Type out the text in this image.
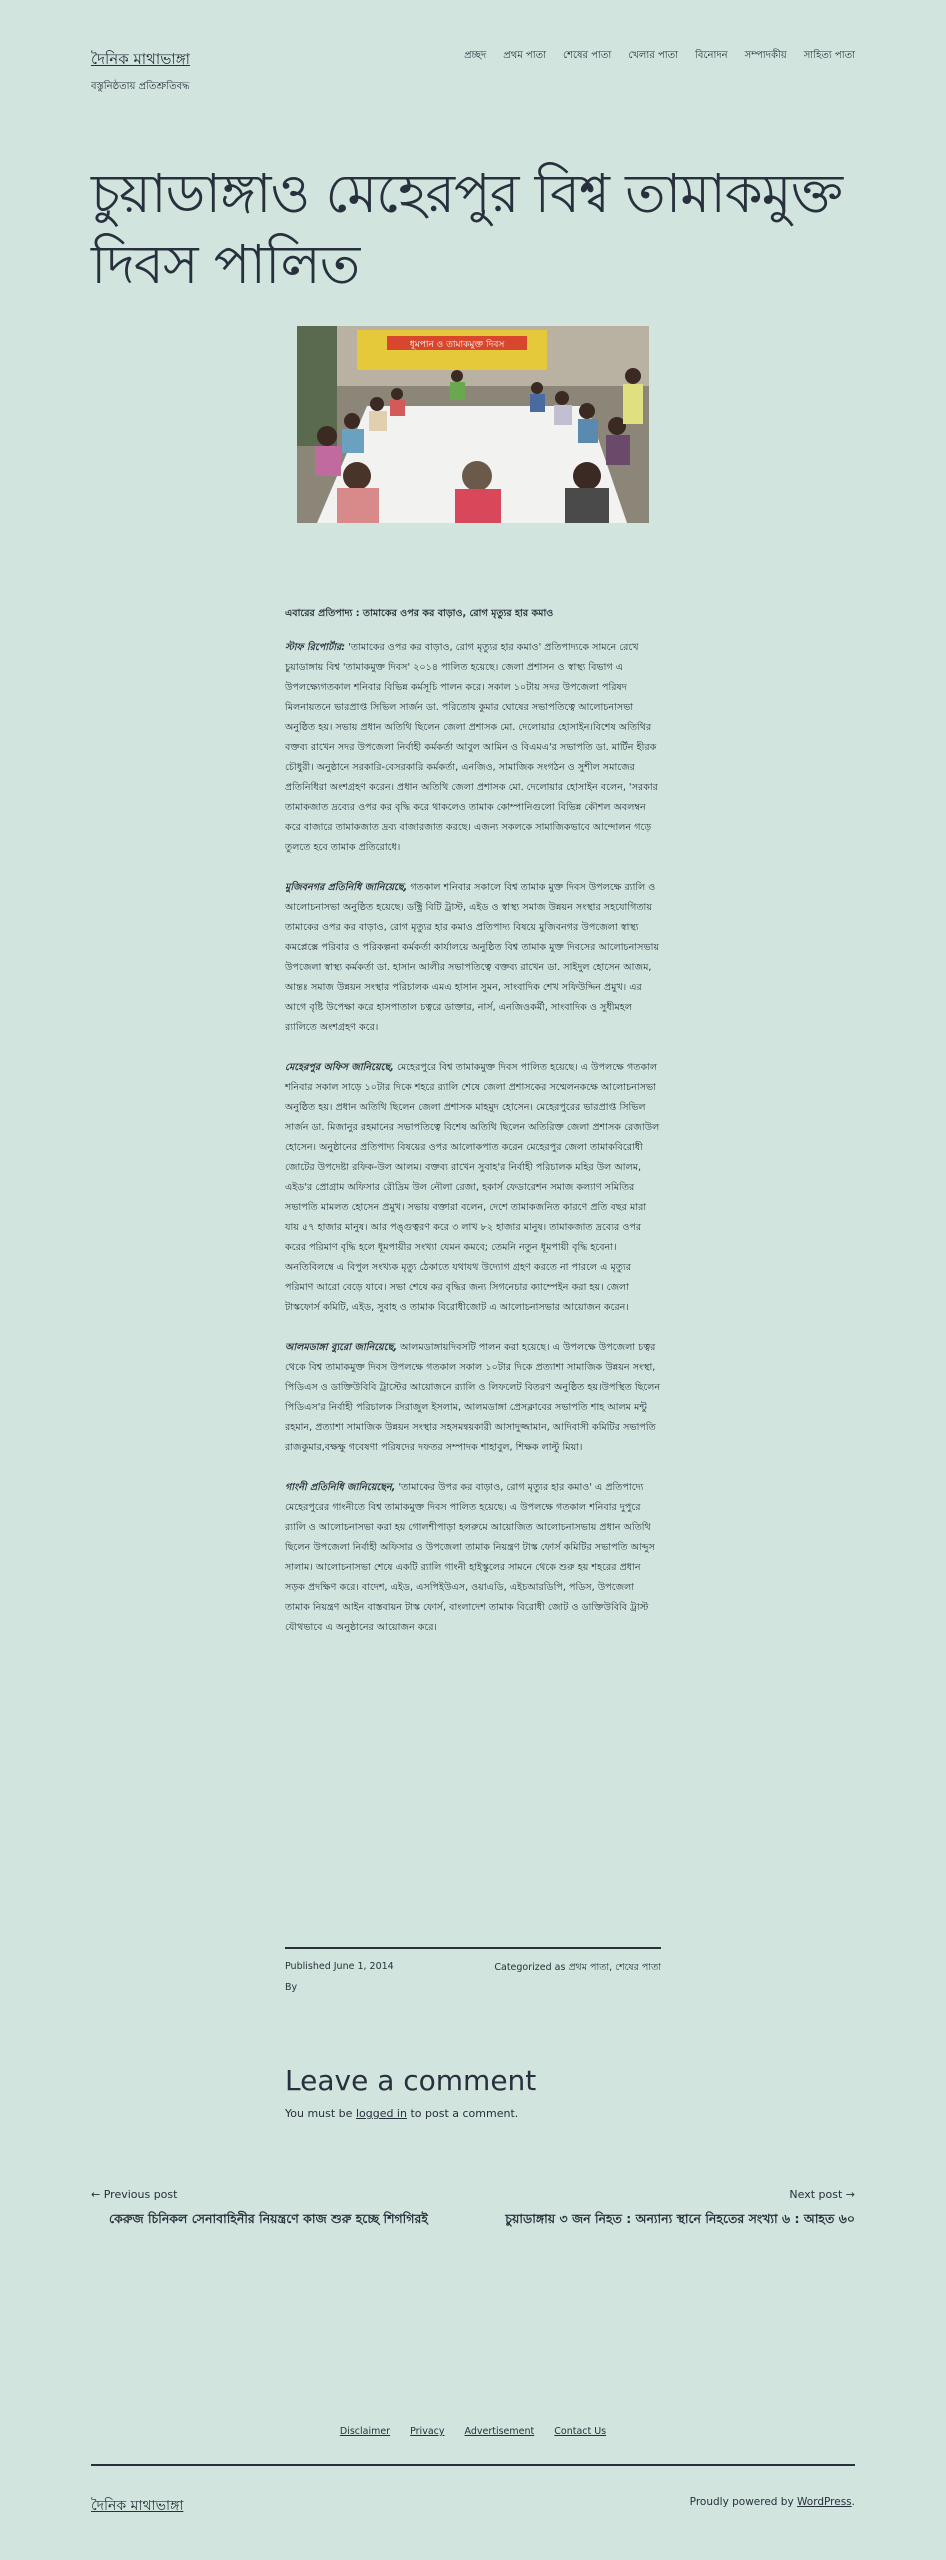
দৈনিক মাথাভাঙ্গা
বস্তুনিষ্ঠতায় প্রতিশ্রুতিবদ্ধ
প্রচ্ছদ প্রথম পাতা শেষের পাতা খেলার পাতা বিনোদন সম্পাদকীয় সাহিত্য পাতা
চুয়াডাঙ্গাও মেহেরপুর বিশ্ব তামাকমুক্ত দিবস পালিত
ধূমপান ও তামাকমুক্ত দিবস

এবারের প্রতিপাদ্য : তামাকের ওপর কর বাড়াও, রোগ মৃত্যুর হার কমাও

স্টাফ রিপোর্টার: 'তামাকের ওপর কর বাড়াও, রোগ মৃত্যুর হার কমাও' প্রতিপাদ্যকে সামনে রেখে চুয়াডাঙ্গায় বিশ্ব 'তামাকমুক্ত দিবস' ২০১৪ পালিত হয়েছে। জেলা প্রশাসন ও স্বাস্থ্য বিভাগ এ উপলক্ষ্যেগতকাল শনিবার বিভিন্ন কর্মসূচি পালন করে। সকাল ১০টায় সদর উপজেলা পরিষদ মিলনায়তনে ভারপ্রাপ্ত সিভিল সার্জন ডা. পরিতোষ কুমার ঘোষের সভাপতিত্বে আলোচনাসভা অনুষ্ঠিত হয়। সভায় প্রধান অতিথি ছিলেন জেলা প্রশাসক মো. দেলোয়ার হোসাইন।বিশেষ অতিথির বক্তব্য রাখেন সদর উপজেলা নির্বাহী কর্মকর্তা আবুল আমিন ও বিএমএ'র সভাপতি ডা. মার্টিন হীরক চৌধুরী। অনুষ্ঠানে সরকারি-বেসরকারি কর্মকর্তা, এনজিও, সামাজিক সংগঠন ও সুশীল সমাজের প্রতিনিধিরা অংশগ্রহণ করেন। প্রধান অতিথি জেলা প্রশাসক মো. দেলোয়ার হোসাইন বলেন, 'সরকার তামাকজাত দ্রব্যের ওপর কর বৃদ্ধি করে থাকলেও তামাক কোম্পানিগুলো বিভিন্ন কৌশল অবলম্বন করে বাজারে তামাকজাত দ্রব্য বাজারজাত করছে। এজন্য সকলকে সামাজিকভাবে আন্দোলন গড়ে তুলতে হবে তামাক প্রতিরোধে।

মুজিবনগর প্রতিনিধি জানিয়েছে, গতকাল শনিবার সকালে বিশ্ব তামাক মুক্ত দিবস উপলক্ষে র‌্যালি ও আলোচনাসভা অনুষ্ঠিত হয়েছে। ডক্ট্রি বিটি ট্রাস্ট, এইড ও স্বাস্থ্য সমাজ উন্নয়ন সংস্থার সহযোগিতায় তামাকের ওপর কর বাড়াও, রোগ মৃত্যুর হার কমাও প্রতিপাদ্য বিষয়ে মুজিবনগর উপজেলা স্বাস্থ্য কমপ্লেক্সে পরিবার ও পরিকল্পনা কর্মকর্তা কার্যালয়ে অনুষ্ঠিত বিশ্ব তামাক মুক্ত দিবসের আলোচনাসভায় উপজেলা স্বাস্থ্য কর্মকর্তা ডা. হাসান আলীর সভাপতিত্বে বক্তব্য রাখেন ডা. সাইদুল হোসেন আজম, আন্তঃ সমাজ উন্নয়ন সংস্থার পরিচালক এমএ হাসান সুমন, সাংবাদিক শেখ সফিউদ্দিন প্রমুখ। এর আগে বৃষ্টি উপেক্ষা করে হাসপাতাল চত্বরে ডাক্তার, নার্স, এনজিওকর্মী, সাংবাদিক ও সুধীমহল র‌্যালিতে অংশগ্রহণ করে।

মেহেরপুর অফিস জানিয়েছে, মেহেরপুরে বিশ্ব তামাকমুক্ত দিবস পালিত হয়েছে। এ উপলক্ষে গতকাল শনিবার সকাল সাড়ে ১০টার দিকে শহরে র‌্যালি শেষে জেলা প্রশাসকের সম্মেলনকক্ষে আলোচনাসভা অনুষ্ঠিত হয়। প্রধান অতিথি ছিলেন জেলা প্রশাসক মাহমুদ হোসেন। মেহেরপুরের ভারপ্রাপ্ত সিভিল সার্জন ডা. মিজানুর রহমানের সভাপতিত্বে বিশেষ অতিথি ছিলেন অতিরিক্ত জেলা প্রশাসক রেজাউল হোসেন। অনুষ্ঠানের প্রতিপাদ্য বিষয়ের ওপর আলোকপাত করেন মেহেরপুর জেলা তামাকবিরোধী জোটের উপদেষ্টা রফিক-উল আলম। বক্তব্য রাখেন সুবাহ'র নির্বাহী পরিচালক মহির উল আলম, এইড'র প্রোগ্রাম অফিসার রৌদ্রিম উল নৌলা রেজা, হকার্স ফেডারেশন সমাজ কল্যাণ সমিতির সভাপতি মামলত হোসেন প্রমুখ। সভায় বক্তারা বলেন, দেশে তামাকজনিত কারণে প্রতি বছর মারা যায় ৫৭ হাজার মানুষ। আর পঙ্গুত্বরণ করে ৩ লাখ ৮২ হাজার মানুষ। তামাকজাত দ্রব্যের ওপর করের পরিমাণ বৃদ্ধি হলে ধূমপায়ীর সংখ্যা যেমন কমবে; তেমনি নতুন ধূমপায়ী বৃদ্ধি হবেনা। অনতিবিলম্বে এ বিপুল সংখ্যক মৃত্যু ঠেকাতে যথাযথ উদ্যোগ গ্রহণ করতে না পারলে এ মৃত্যুর পরিমাণ আরো বেড়ে যাবে। সভা শেষে কর বৃদ্ধির জন্য সিগনেচার ক্যাম্পেইন করা হয়। জেলা টাস্কফোর্স কমিটি, এইড, সুবাহ ও তামাক বিরোধীজোট এ আলোচনাসভার আয়োজন করেন।

আলমডাঙ্গা ব্যুরো জানিয়েছে, আলমডাঙ্গায়দিবসটি পালন করা হয়েছে। এ উপলক্ষে উপজেলা চত্বর থেকে বিশ্ব তামাকমুক্ত দিবস উপলক্ষে গতকাল সকাল ১০টার দিকে প্রত্যাশা সামাজিক উন্নয়ন সংস্থা, পিডিএস ও ডাক্তিউবিবি ট্রাস্টের আয়োজনে র‌্যালি ও লিফলেট বিতরণ অনুষ্ঠিত হয়।উপস্থিত ছিলেন পিডিএস'র নির্বাহী পরিচালক সিরাজুল ইসলাম, আলমডাঙ্গা প্রেসক্লাবের সভাপতি শাহ আলম মন্টু রহমান, প্রত্যাশা সামাজিক উন্নয়ন সংস্থার সহসমন্বয়কারী আসাদুজ্জামান, আদিবাসী কমিটির সভাপতি রাজকুমার,বক্ষক্ষু গবেষণা পরিষদের দফতর সম্পাদক শাহাবুল, শিক্ষক লাল্টু মিয়া।

গাংনী প্রতিনিধি জানিয়েছেন, 'তামাকের উপর কর বাড়াও, রোগ মৃত্যুর হার কমাও' এ প্রতিপাদ্যে মেহেরপুরের গাংনীতে বিশ্ব তামাকমুক্ত দিবস পালিত হয়েছে। এ উপলক্ষে গতকাল শনিবার দুপুরে র‌্যালি ও আলোচনাসভা করা হয় গোলশীপাড়া হলরুমে আয়োজিত আলোচনাসভায় প্রধান অতিথি ছিলেন উপজেলা নির্বাহী অফিসার ও উপজেলা তামাক নিয়ন্ত্রণ টাস্ক ফোর্স কমিটির সভাপতি আব্দুস সালাম। আলোচনাসভা শেষে একটি র‌্যালি গাংনী হাইস্কুলের সামনে থেকে শুরু হয় শহরের প্রধান সড়ক প্রদক্ষিণ করে। বাদেশ, এইড, এসপিইউএস, ওয়াএডি, এইচআরডিপি, পডিস, উপজেলা তামাক নিয়ন্ত্রণ আইন বাস্তবায়ন টাস্ক ফোর্স, বাংলাদেশ তামাক বিরোধী জোট ও ডাক্তিউবিবি ট্রাস্ট যৌথভাবে এ অনুষ্ঠানের আয়োজন করে।

Published June 1, 2014	Categorized as প্রথম পাতা, শেষের পাতা
By
Leave a comment

You must be logged in to post a comment.

← Previous post
কেরুজ চিনিকল সেনাবাহিনীর নিয়ন্ত্রণে কাজ শুরু হচ্ছে শিগগিরই
Next post →
চুয়াডাঙ্গায় ৩ জন নিহত : অন্যান্য স্থানে নিহতের সংখ্যা ৬ : আহত ৬০
Disclaimer Privacy Advertisement Contact Us
দৈনিক মাথাভাঙ্গা	Proudly powered by WordPress.
